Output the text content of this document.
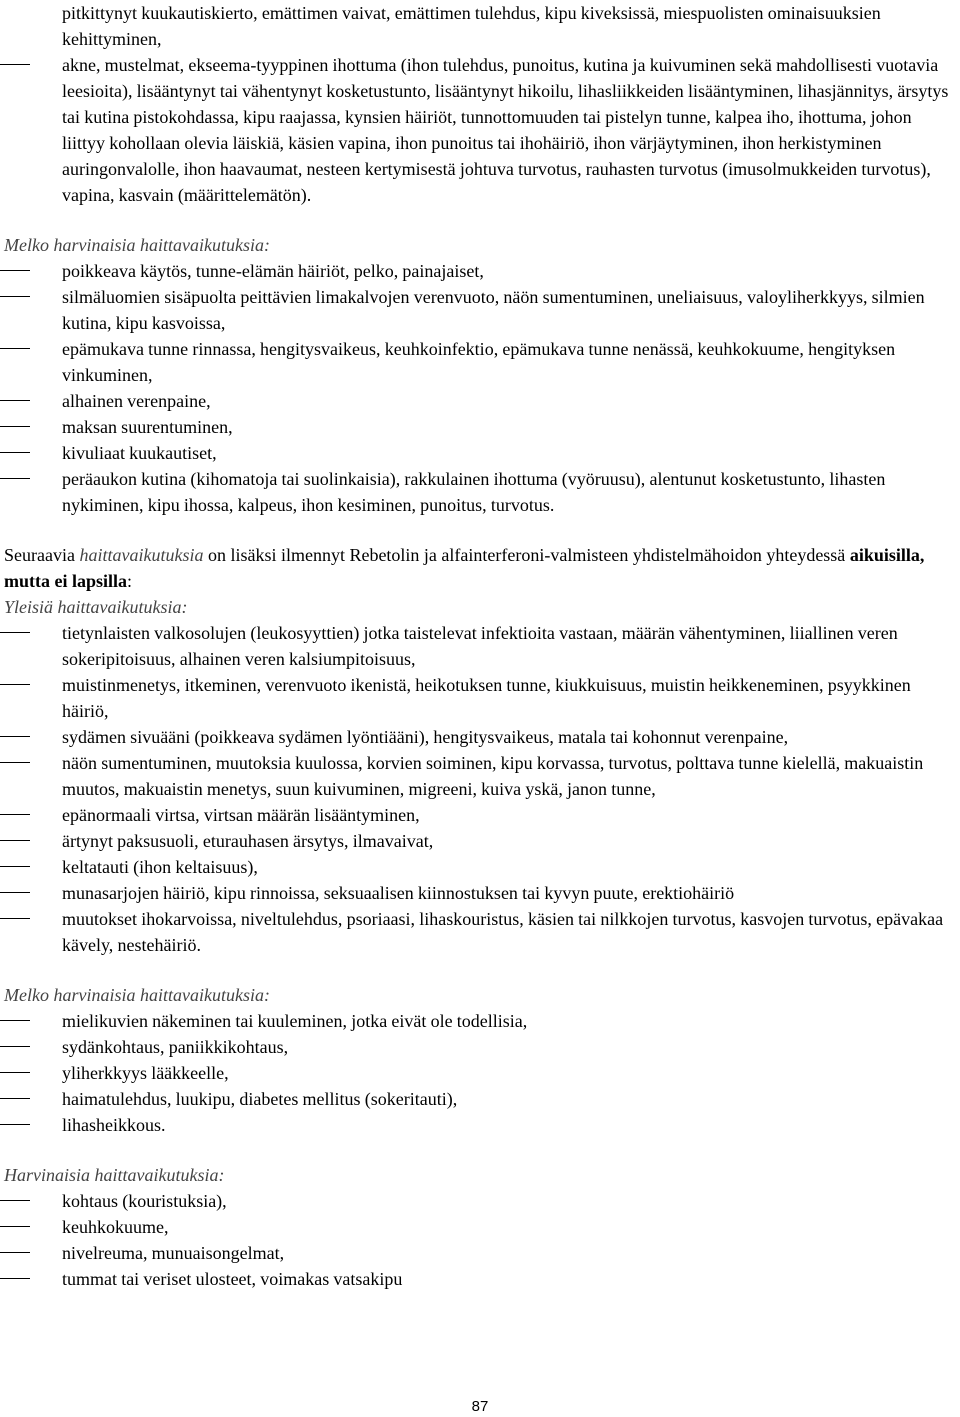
pitkittynyt kuukautiskierto, emättimen vaivat, emättimen tulehdus, kipu kiveksissä, miespuolisten ominaisuuksien kehittyminen,
akne, mustelmat, ekseema-tyyppinen ihottuma (ihon tulehdus, punoitus, kutina ja kuivuminen sekä mahdollisesti vuotavia leesioita), lisääntynyt tai vähentynyt kosketustunto, lisääntynyt hikoilu, lihasliikkeiden lisääntyminen, lihasjännitys, ärsytys tai kutina pistokohdassa, kipu raajassa, kynsien häiriöt, tunnottomuuden tai pistelyn tunne, kalpea iho, ihottuma, johon liittyy kohollaan olevia läiskiä, käsien vapina, ihon punoitus tai ihohäiriö, ihon värjäytyminen, ihon herkistyminen auringonvalolle, ihon haavaumat, nesteen kertymisestä johtuva turvotus, rauhasten turvotus (imusolmukkeiden turvotus), vapina, kasvain (määrittelemätön).
Melko harvinaisia haittavaikutuksia:
poikkeava käytös, tunne-elämän häiriöt, pelko, painajaiset,
silmäluomien sisäpuolta peittävien limakalvojen verenvuoto, näön sumentuminen, uneliaisuus, valoyliherkkyys, silmien kutina, kipu kasvoissa,
epämukava tunne rinnassa, hengitysvaikeus, keuhkoinfektio, epämukava tunne nenässä, keuhkokuume, hengityksen vinkuminen,
alhainen verenpaine,
maksan suurentuminen,
kivuliaat kuukautiset,
peräaukon kutina (kihomatoja tai suolinkaisia), rakkulainen ihottuma (vyöruusu), alentunut kosketustunto, lihasten nykiminen, kipu ihossa, kalpeus, ihon kesiminen, punoitus, turvotus.
Seuraavia haittavaikutuksia on lisäksi ilmennyt Rebetolin ja alfainterferoni-valmisteen yhdistelmähoidon yhteydessä aikuisilla, mutta ei lapsilla:
Yleisiä haittavaikutuksia:
tietynlaisten valkosolujen (leukosyyttien) jotka taistelevat infektioita vastaan, määrän vähentyminen, liiallinen veren sokeripitoisuus, alhainen veren kalsiumpitoisuus,
muistinmenetys, itkeminen, verenvuoto ikenistä, heikotuksen tunne, kiukkuisuus, muistin heikkeneminen, psyykkinen häiriö,
sydämen sivuääni (poikkeava sydämen lyöntiääni), hengitysvaikeus, matala tai kohonnut verenpaine,
näön sumentuminen, muutoksia kuulossa, korvien soiminen, kipu korvassa, turvotus, polttava tunne kielellä, makuaistin muutos, makuaistin menetys, suun kuivuminen, migreeni, kuiva yskä, janon tunne,
epänormaali virtsa, virtsan määrän lisääntyminen,
ärtynyt paksusuoli, eturauhasen ärsytys, ilmavaivat,
keltatauti (ihon keltaisuus),
munasarjojen häiriö, kipu rinnoissa, seksuaalisen kiinnostuksen tai kyvyn puute, erektiohäiriö
muutokset ihokarvoissa, niveltulehdus, psoriaasi, lihaskouristus, käsien tai nilkkojen turvotus, kasvojen turvotus, epävakaa kävely, nestehäiriö.
Melko harvinaisia haittavaikutuksia:
mielikuvien näkeminen tai kuuleminen, jotka eivät ole todellisia,
sydänkohtaus, paniikkikohtaus,
yliherkkyys lääkkeelle,
haimatulehdus, luukipu, diabetes mellitus (sokeritauti),
lihasheikkous.
Harvinaisia haittavaikutuksia:
kohtaus (kouristuksia),
keuhkokuume,
nivelreuma, munuaisongelmat,
tummat tai veriset ulosteet, voimakas vatsakipu
87
